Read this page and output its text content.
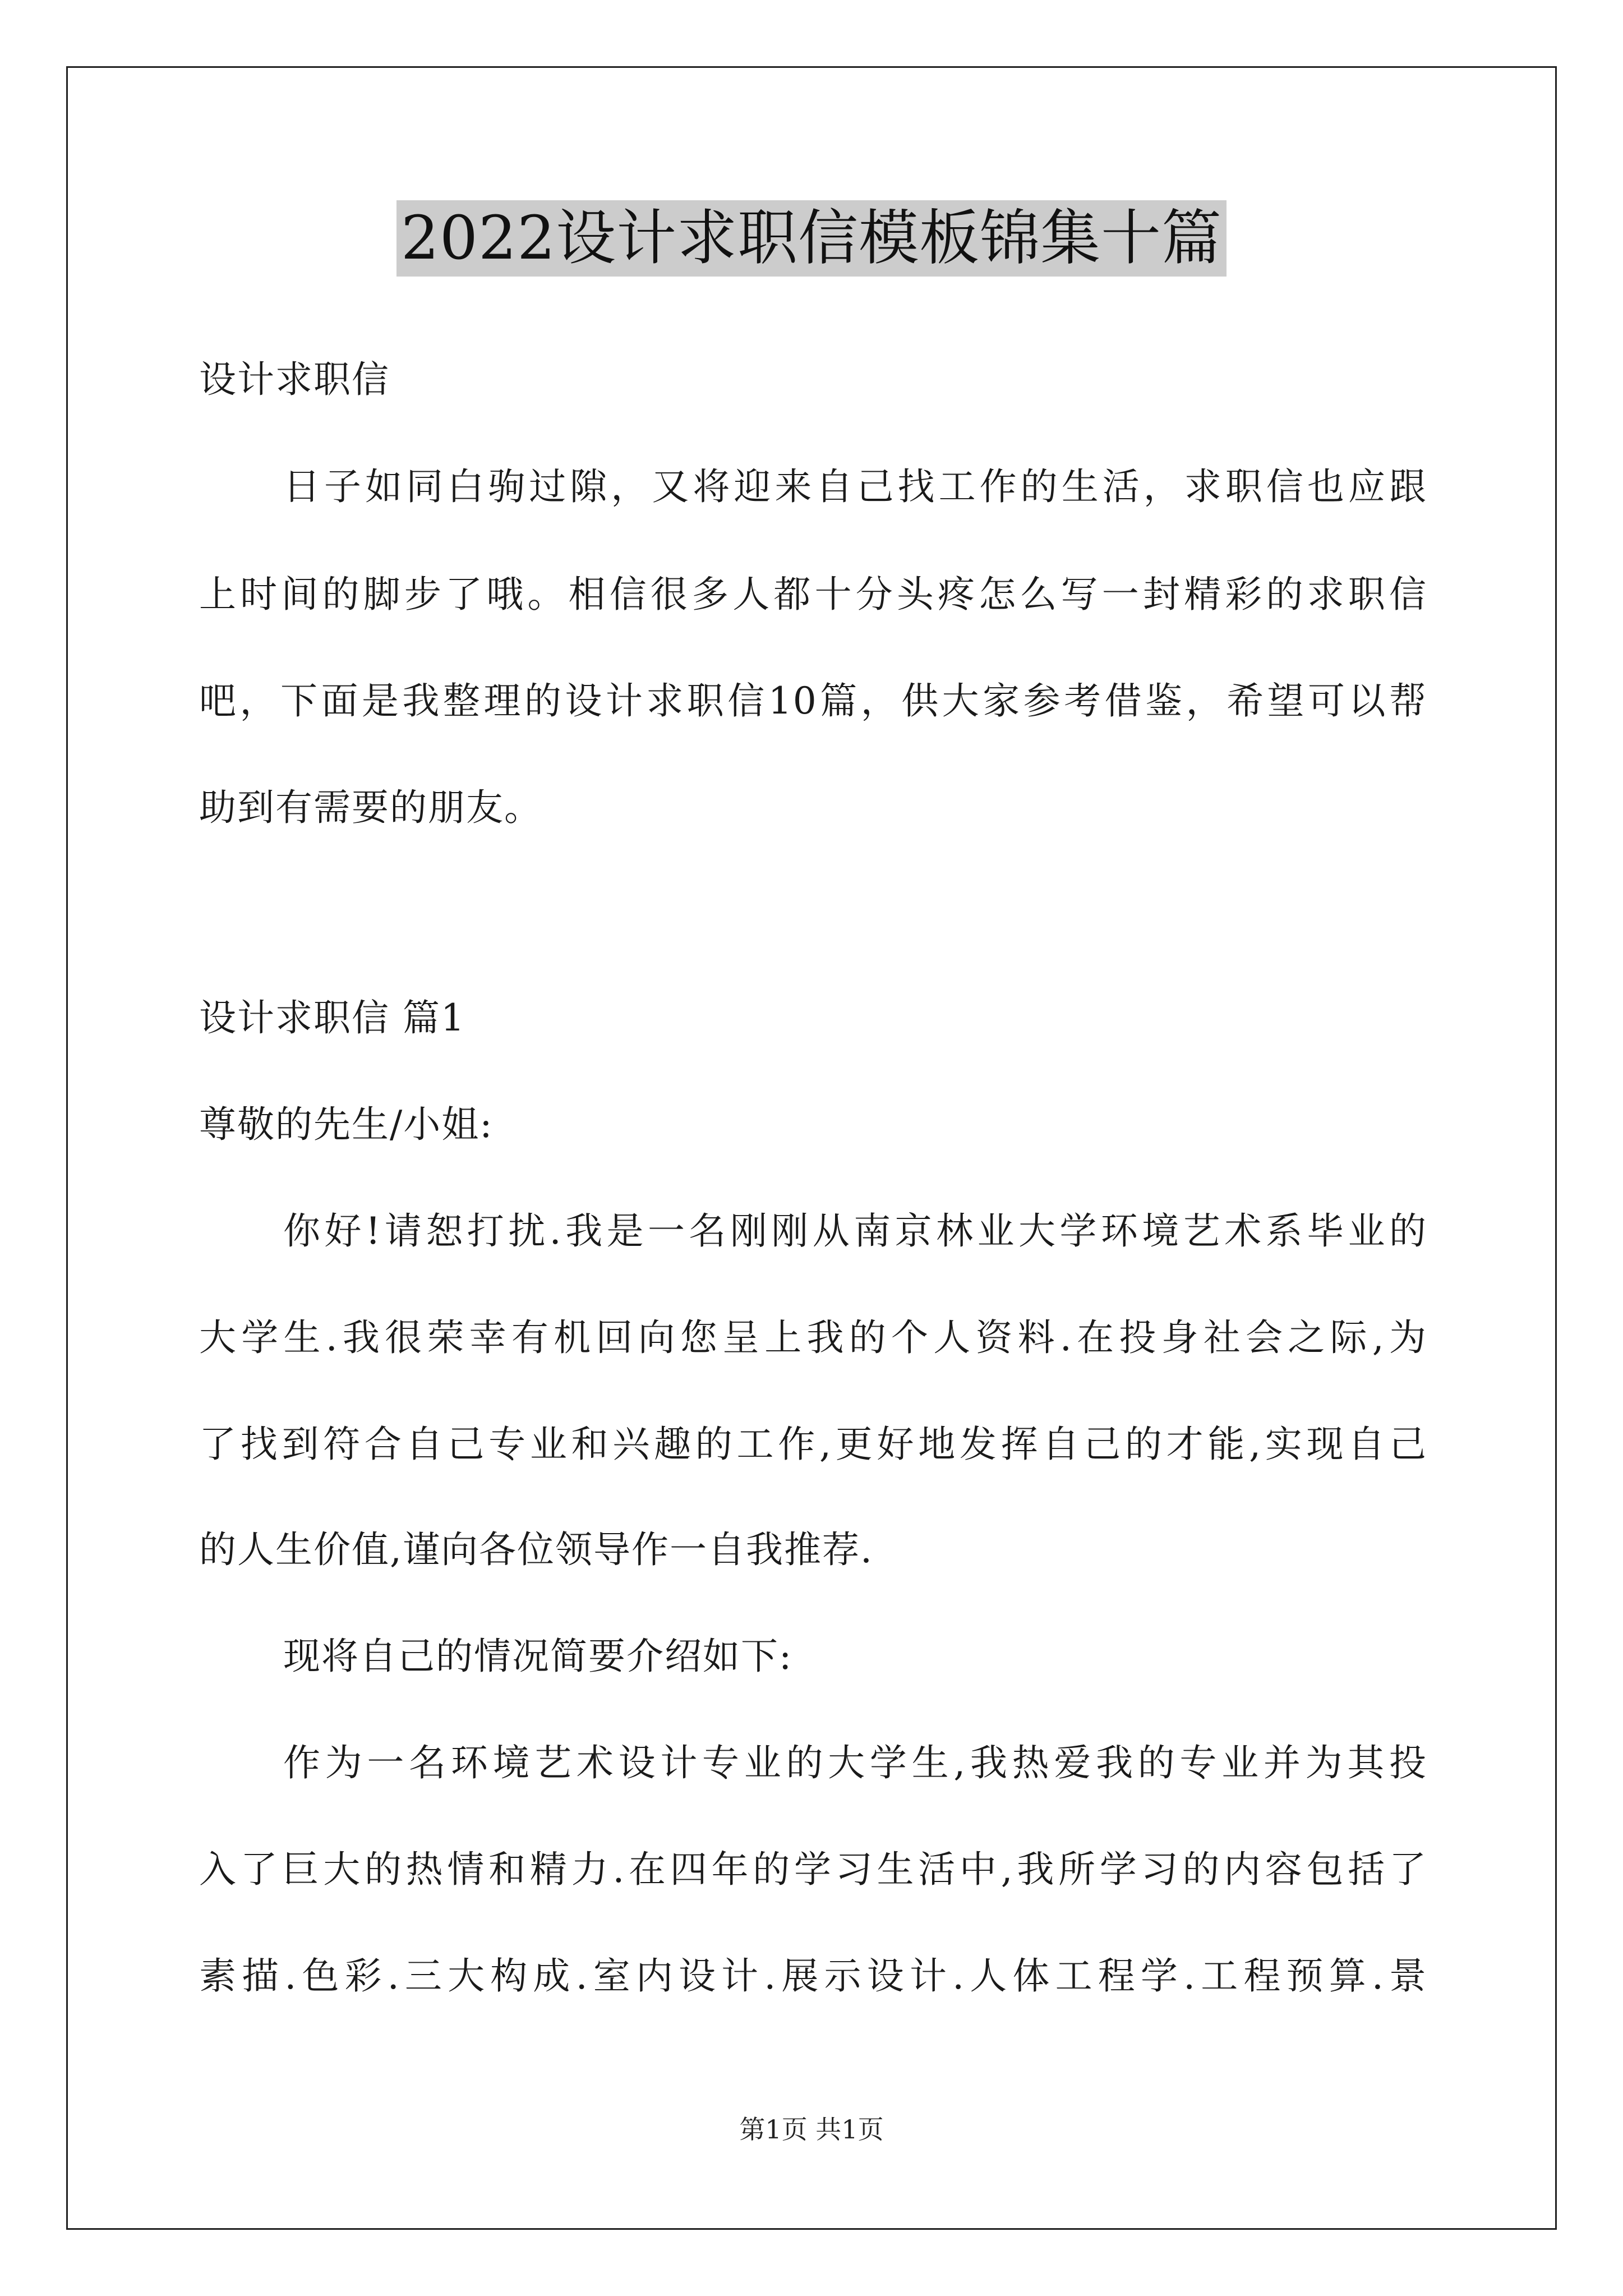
2022设计求职信模板锦集十篇
设计求职信
日子如同白驹过隙，又将迎来自己找工作的生活，求职信也应跟
上时间的脚步了哦。相信很多人都十分头疼怎么写一封精彩的求职信
吧，下面是我整理的设计求职信10篇，供大家参考借鉴，希望可以帮
助到有需要的朋友。
设计求职信 篇1
尊敬的先生/小姐:
你好!请恕打扰.我是一名刚刚从南京林业大学环境艺术系毕业的
大学生.我很荣幸有机回向您呈上我的个人资料.在投身社会之际,为
了找到符合自己专业和兴趣的工作,更好地发挥自己的才能,实现自己
的人生价值,谨向各位领导作一自我推荐.
现将自己的情况简要介绍如下:
作为一名环境艺术设计专业的大学生,我热爱我的专业并为其投
入了巨大的热情和精力.在四年的学习生活中,我所学习的内容包括了
素描.色彩.三大构成.室内设计.展示设计.人体工程学.工程预算.景
第1页 共1页
